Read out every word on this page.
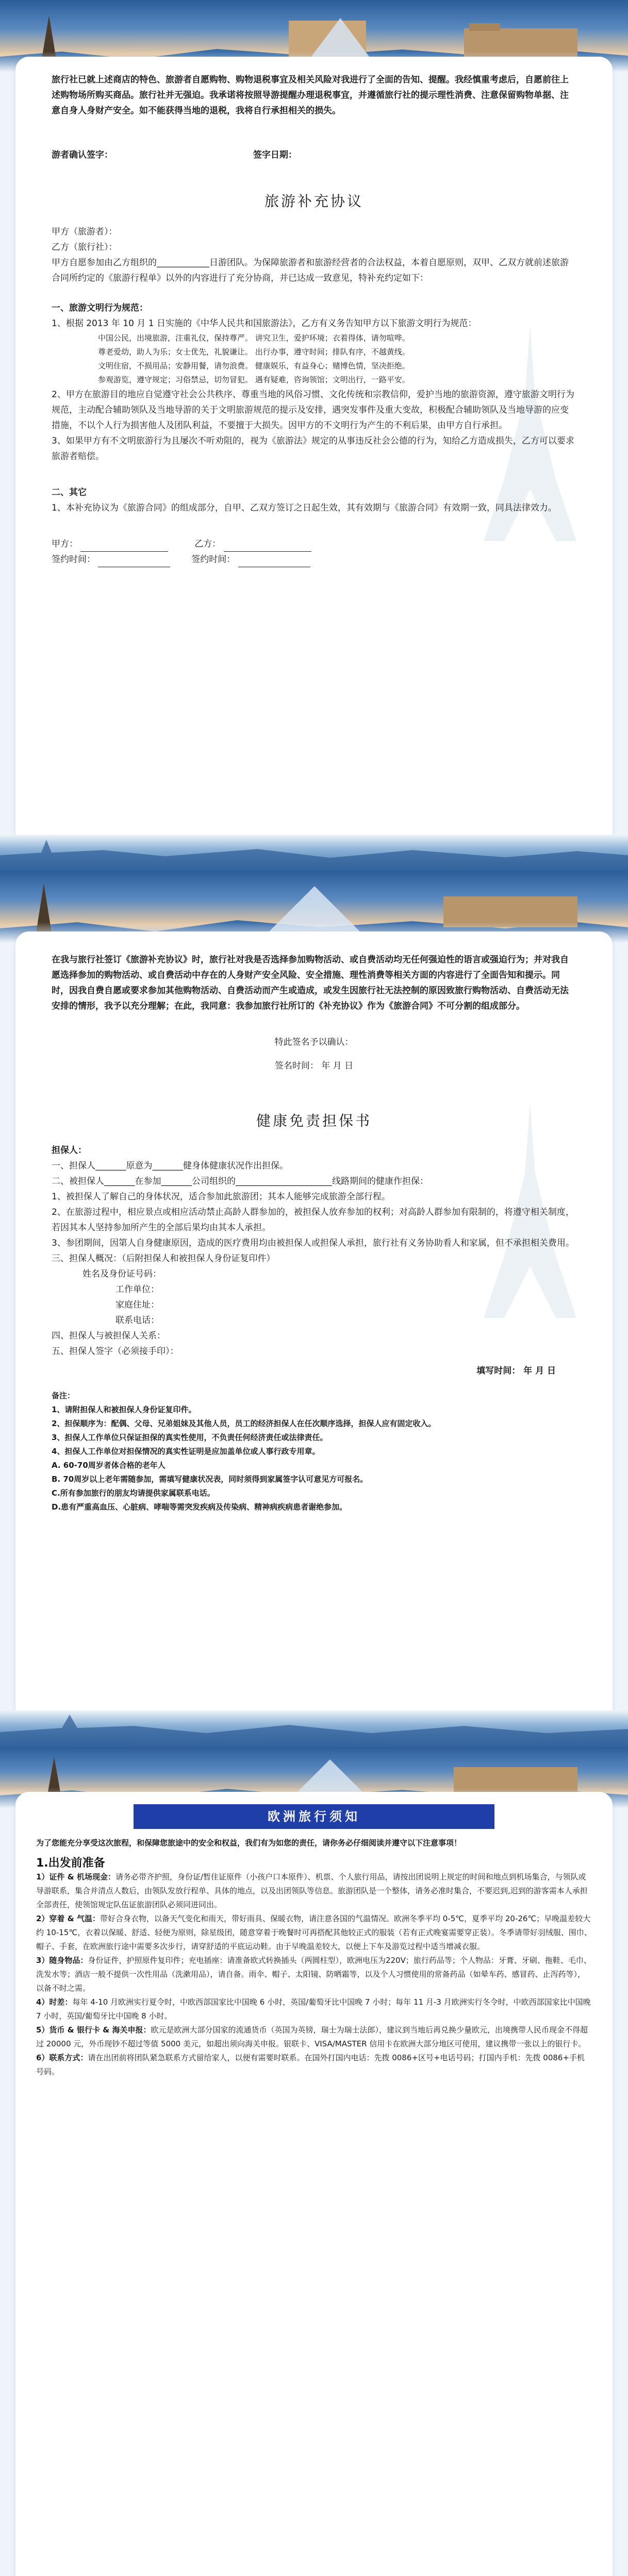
旅行社已就上述商店的特色、旅游者自愿购物、购物退税事宜及相关风险对我进行了全面的告知、提醒。我经慎重考虑后，自愿前往上述购物场所购买商品。旅行社并无强迫。我承诺将按照导游提醒办理退税事宜，并遵循旅行社的提示理性消费、注意保留购物单据、注意自身人身财产安全。如不能获得当地的退税，我将自行承担相关的损失。

游者确认签字：	签字日期：
旅游补充协议

甲方（旅游者）：

乙方（旅行社）：

甲方自愿参加由乙方组织的____________日游团队。为保障旅游者和旅游经营者的合法权益，本着自愿原则，双甲、乙双方就前述旅游合同所约定的《旅游行程单》以外的内容进行了充分协商，并已达成一致意见，特补充约定如下：

一、旅游文明行为规范：

1、根据 2013 年 10 月 1 日实施的《中华人民共和国旅游法》，乙方有义务告知甲方以下旅游文明行为规范：

中国公民，出境旅游，注重礼仪，保持尊严。 讲究卫生，爱护环境；衣着得体，请勿喧哗。

尊老爱幼，助人为乐；女士优先，礼貌谦让。 出行办事，遵守时间；排队有序，不越黄线。

文明住宿，不损用品；安静用餐，请勿浪费。 健康娱乐，有益身心；赌博色情，坚决拒绝。

参观游览，遵守规定；习俗禁忌，切勿冒犯。 遇有疑难，咨询领馆；文明出行，一路平安。

2、甲方在旅游目的地应自觉遵守社会公共秩序、尊重当地的风俗习惯、文化传统和宗教信仰，爱护当地的旅游资源，遵守旅游文明行为规范，主动配合辅助领队及当地导游的关于文明旅游规范的提示及安排，遇突发事件及重大变故，积极配合辅助领队及当地导游的应变措施，不以个人行为损害他人及团队利益，不要擅于大损失。因甲方的不文明行为产生的不利后果，由甲方自行承担。

3、如果甲方有不文明旅游行为且屡次不听劝阻的，视为《旅游法》规定的从事违反社会公德的行为，知给乙方造成损失，乙方可以要求旅游者赔偿。

二、其它

1、本补充协议为《旅游合同》的组成部分，自甲、乙双方签订之日起生效，其有效期与《旅游合同》有效期一致，同具法律效力。

甲方：	乙方：
签约时间：	签约时间：

在我与旅行社签订《旅游补充协议》时，旅行社对我是否选择参加购物活动、或自费活动均无任何强迫性的语言或强迫行为；并对我自愿选择参加的购物活动、或自费活动中存在的人身财产安全风险、安全措施、理性消费等相关方面的内容进行了全面告知和提示。同时，因我自费自愿或要求参加其他购物活动、自费活动而产生或造成，或发生因旅行社无法控制的原因致旅行购物活动、自费活动无法安排的情形，我予以充分理解；在此，我同意：我参加旅行社所订的《补充协议》作为《旅游合同》不可分割的组成部分。

特此签名予以确认：

签名时间： 年 月 日

健康免责担保书

担保人：

一、担保人_______原意为_______健身体健康状况作出担保。

二、被担保人_______在参加_______公司组织的______________________线路期间的健康作担保：

1、被担保人了解自己的身体状况，适合参加此旅游团；其本人能够完成旅游全部行程。

2、在旅游过程中，相应景点或相应活动禁止高龄人群参加的，被担保人放弃参加的权利；对高龄人群参加有限制的，将遵守相关制度，若因其本人坚持参加所产生的全部后果均由其本人承担。

3、参团期间，因第人自身健康原因，造成的医疗费用均由被担保人或担保人承担，旅行社有义务协助看人和家属，但不承担相关费用。

三、担保人概况：（后附担保人和被担保人身份证复印件）

姓名及身份证号码：

工作单位：

家庭住址：

联系电话：

四、担保人与被担保人关系：

五、担保人签字（必须接手印）：

填写时间： 年 月 日

备注：

1、请附担保人和被担保人身份证复印件。

2、担保顺序为：配偶、父母、兄弟姐妹及其他人员，员工的经济担保人在任次顺序选择，担保人应有固定收入。

3、担保人工作单位只保证担保的真实性使用，不负责任何经济责任或法律责任。

4、担保人工作单位对担保情况的真实性证明是应加盖单位或人事行政专用章。

A. 60-70周岁者体合格的老年人

B. 70周岁以上老年需随参加，需填写健康状况表，同时须得到家属签字认可意见方可报名。

C.所有参加旅行的朋友均请提供家属联系电话。

D.患有严重高血压、心脏病、哮喘等需突发疾病及传染病、精神病疾病患者谢绝参加。

欧洲旅行须知

为了您能充分享受这次旅程，和保障您旅途中的安全和权益，我们有为如您的责任，请你务必仔细阅读并遵守以下注意事项！

1.出发前准备

1）证件 & 机场现金：请务必带齐护照，身份证/暂住证原件（小孩户口本原件）、机票、个人旅行用品，请按出团说明上规定的时间和地点到机场集合，与领队或导游联系，集合并清点人数后，由领队发放行程单、具体的地点，以及出团领队等信息。旅游团队是一个整体，请务必准时集合，不要迟到,迟到的游客需本人承担全部责任，使领馆规定队伍证旅游团队必须同进同出。

2）穿着 & 气温：带好合身衣物，以备天气变化和雨天，带好雨具、保暖衣物，请注意各国的气温情况。欧洲冬季平均 0-5℃，夏季平均 20-26℃；早晚温差较大约 10-15℃，衣着以保暖、舒适、轻便为原则，除星级团，随意穿着于晚餐时可再搭配其他较正式的服装（若有正式晚宴需要穿正装）。冬季请带好羽绒服、围巾、帽子、手套，在欧洲旅行途中需要多次步行，请穿舒适的平底运动鞋。由于早晚温差较大，以便上下车及游览过程中适当增减衣服。

3）随身物品：身份证件，护照原件复印件；充电插座：请准备欧式转换插头（两圆柱型），欧洲电压为220V；旅行药品等；个人物品：牙膏、牙刷、拖鞋、毛巾、洗发水等；酒店一般不提供一次性用品（洗漱用品），请自备。雨伞、帽子、太阳镜、防晒霜等，以及个人习惯使用的常备药品（如晕车药、感冒药、止泻药等），以备不时之需。

4）时差：每年 4-10 月欧洲实行夏令时，中欧西部国家比中国晚 6 小时，英国/葡萄牙比中国晚 7 小时；每年 11 月-3 月欧洲实行冬令时，中欧西部国家比中国晚 7 小时，英国/葡萄牙比中国晚 8 小时。

5）货币 & 银行卡 & 海关申报：欧元是欧洲大部分国家的流通货币（英国为英镑，瑞士为瑞士法郎），建议到当地后再兑换少量欧元，出境携带人民币现金不得超过 20000 元，外币现钞不超过等值 5000 美元，如超出须向海关申报。银联卡、VISA/MASTER 信用卡在欧洲大部分地区可使用，建议携带一张以上的银行卡。

6）联系方式：请在出团前将团队紧急联系方式留给家人，以便有需要时联系。在国外打国内电话：先拨 0086+区号+电话号码；打国内手机：先拨 0086+手机号码。
